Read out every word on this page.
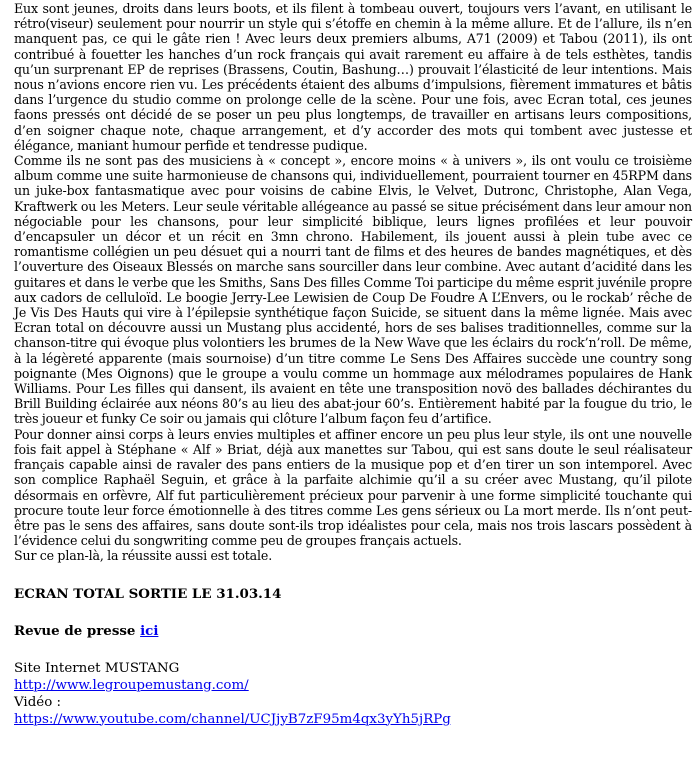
Eux sont jeunes, droits dans leurs boots, et ils filent à tombeau ouvert, toujours vers l’avant, en utilisant le rétro(viseur) seulement pour nourrir un style qui s’étoffe en chemin à la même allure. Et de l’allure, ils n’en manquent pas, ce qui le gâte rien ! Avec leurs deux premiers albums, A71 (2009) et Tabou (2011), ils ont contribué à fouetter les hanches d’un rock français qui avait rarement eu affaire à de tels esthètes, tandis qu’un surprenant EP de reprises (Brassens, Coutin, Bashung…) prouvait l’élasticité de leur intentions. Mais nous n’avions encore rien vu. Les précédents étaient des albums d’impulsions, fièrement immatures et bâtis dans l’urgence du studio comme on prolonge celle de la scène. Pour une fois, avec Ecran total, ces jeunes faons pressés ont décidé de se poser un peu plus longtemps, de travailler en artisans leurs compositions, d’en soigner chaque note, chaque arrangement, et d’y accorder des mots qui tombent avec justesse et élégance, maniant humour perfide et tendresse pudique.

Comme ils ne sont pas des musiciens à « concept », encore moins « à univers », ils ont voulu ce troisième album comme une suite harmonieuse de chansons qui, individuellement, pourraient tourner en 45RPM dans un juke-box fantasmatique avec pour voisins de cabine Elvis, le Velvet, Dutronc, Christophe, Alan Vega, Kraftwerk ou les Meters. Leur seule véritable allégeance au passé se situe précisément dans leur amour non négociable pour les chansons, pour leur simplicité biblique, leurs lignes profilées et leur pouvoir d’encapsuler un décor et un récit en 3mn chrono. Habilement, ils jouent aussi à plein tube avec ce romantisme collégien un peu désuet qui a nourri tant de films et des heures de bandes magnétiques, et dès l’ouverture des Oiseaux Blessés on marche sans sourciller dans leur combine. Avec autant d’acidité dans les guitares et dans le verbe que les Smiths, Sans Des filles Comme Toi participe du même esprit juvénile propre aux cadors de celluloïd. Le boogie Jerry-Lee Lewisien de Coup De Foudre A L’Envers, ou le rockab’ rêche de Je Vis Des Hauts qui vire à l’épilepsie synthétique façon Suicide, se situent dans la même lignée. Mais avec Ecran total on découvre aussi un Mustang plus accidenté, hors de ses balises traditionnelles, comme sur la chanson-titre qui évoque plus volontiers les brumes de la New Wave que les éclairs du rock’n’roll. De même, à la légèreté apparente (mais sournoise) d’un titre comme Le Sens Des Affaires succède une country song poignante (Mes Oignons) que le groupe a voulu comme un hommage aux mélodrames populaires de Hank Williams. Pour Les filles qui dansent, ils avaient en tête une transposition novö des ballades déchirantes du Brill Building éclairée aux néons 80’s au lieu des abat-jour 60’s. Entièrement habité par la fougue du trio, le très joueur et funky Ce soir ou jamais qui clôture l’album façon feu d’artifice.

Pour donner ainsi corps à leurs envies multiples et affiner encore un peu plus leur style, ils ont une nouvelle fois fait appel à Stéphane « Alf » Briat, déjà aux manettes sur Tabou, qui est sans doute le seul réalisateur français capable ainsi de ravaler des pans entiers de la musique pop et d’en tirer un son intemporel. Avec son complice Raphaël Seguin, et grâce à la parfaite alchimie qu’il a su créer avec Mustang, qu’il pilote désormais en orfèvre, Alf fut particulièrement précieux pour parvenir à une forme simplicité touchante qui procure toute leur force émotionnelle à des titres comme Les gens sérieux ou La mort merde. Ils n’ont peut-être pas le sens des affaires, sans doute sont-ils trop idéalistes pour cela, mais nos trois lascars possèdent à l’évidence celui du songwriting comme peu de groupes français actuels.

Sur ce plan-là, la réussite aussi est totale.

ECRAN TOTAL SORTIE LE 31.03.14

Revue de presse ici

Site Internet MUSTANG

http://www.legroupemustang.com/

Vidéo :

https://www.youtube.com/channel/UCJjyB7zF95m4qx3yYh5jRPg
